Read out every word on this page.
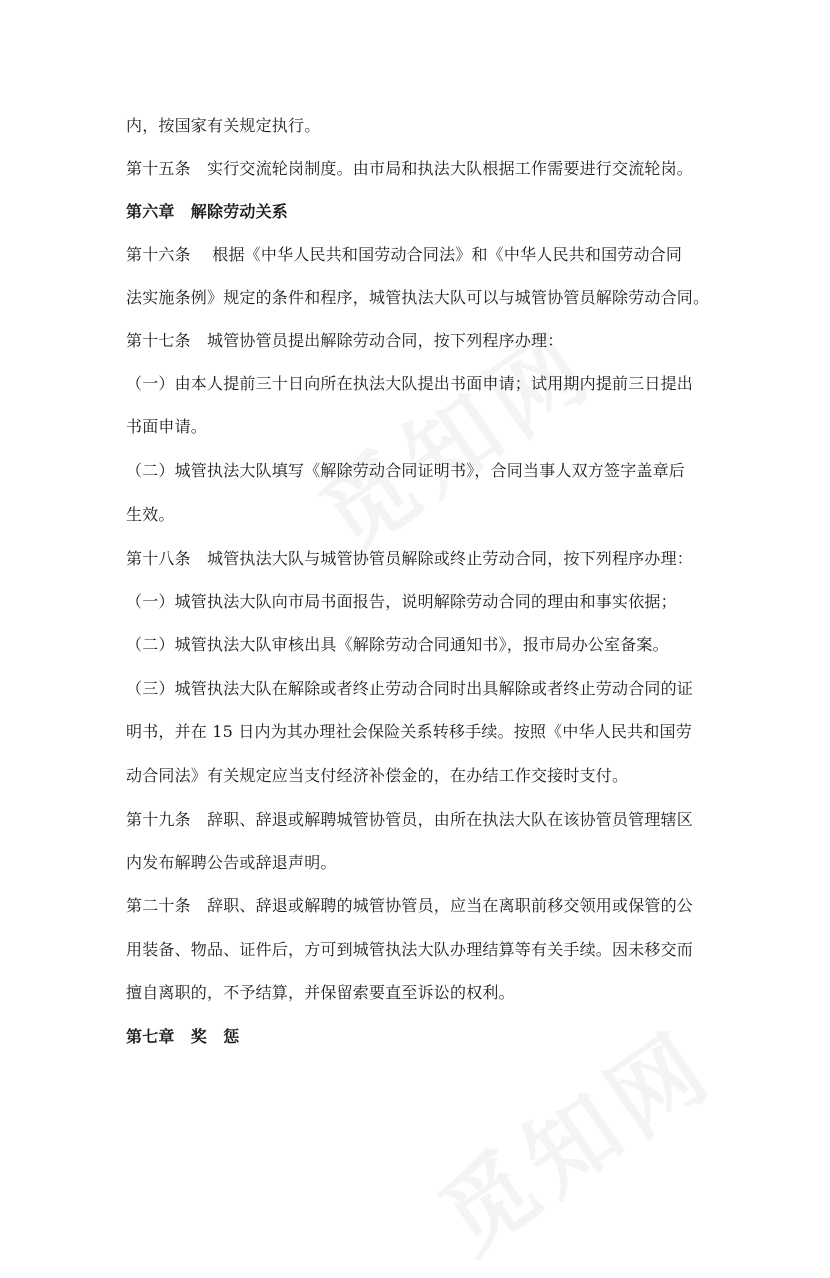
内，按国家有关规定执行。
第十五条　实行交流轮岗制度。由市局和执法大队根据工作需要进行交流轮岗。
第六章　解除劳动关系
第十六条　 根据《中华人民共和国劳动合同法》和《中华人民共和国劳动合同
法实施条例》规定的条件和程序，城管执法大队可以与城管协管员解除劳动合同。
第十七条　城管协管员提出解除劳动合同，按下列程序办理：
（一）由本人提前三十日向所在执法大队提出书面申请；试用期内提前三日提出
书面申请。
（二）城管执法大队填写《解除劳动合同证明书》，合同当事人双方签字盖章后
生效。
第十八条　城管执法大队与城管协管员解除或终止劳动合同，按下列程序办理：
（一）城管执法大队向市局书面报告，说明解除劳动合同的理由和事实依据；
（二）城管执法大队审核出具《解除劳动合同通知书》，报市局办公室备案。
（三）城管执法大队在解除或者终止劳动合同时出具解除或者终止劳动合同的证
明书，并在 15 日内为其办理社会保险关系转移手续。按照《中华人民共和国劳
动合同法》有关规定应当支付经济补偿金的，在办结工作交接时支付。
第十九条　辞职、辞退或解聘城管协管员，由所在执法大队在该协管员管理辖区
内发布解聘公告或辞退声明。
第二十条　辞职、辞退或解聘的城管协管员，应当在离职前移交领用或保管的公
用装备、物品、证件后，方可到城管执法大队办理结算等有关手续。因未移交而
擅自离职的，不予结算，并保留索要直至诉讼的权利。
第七章　奖　惩
